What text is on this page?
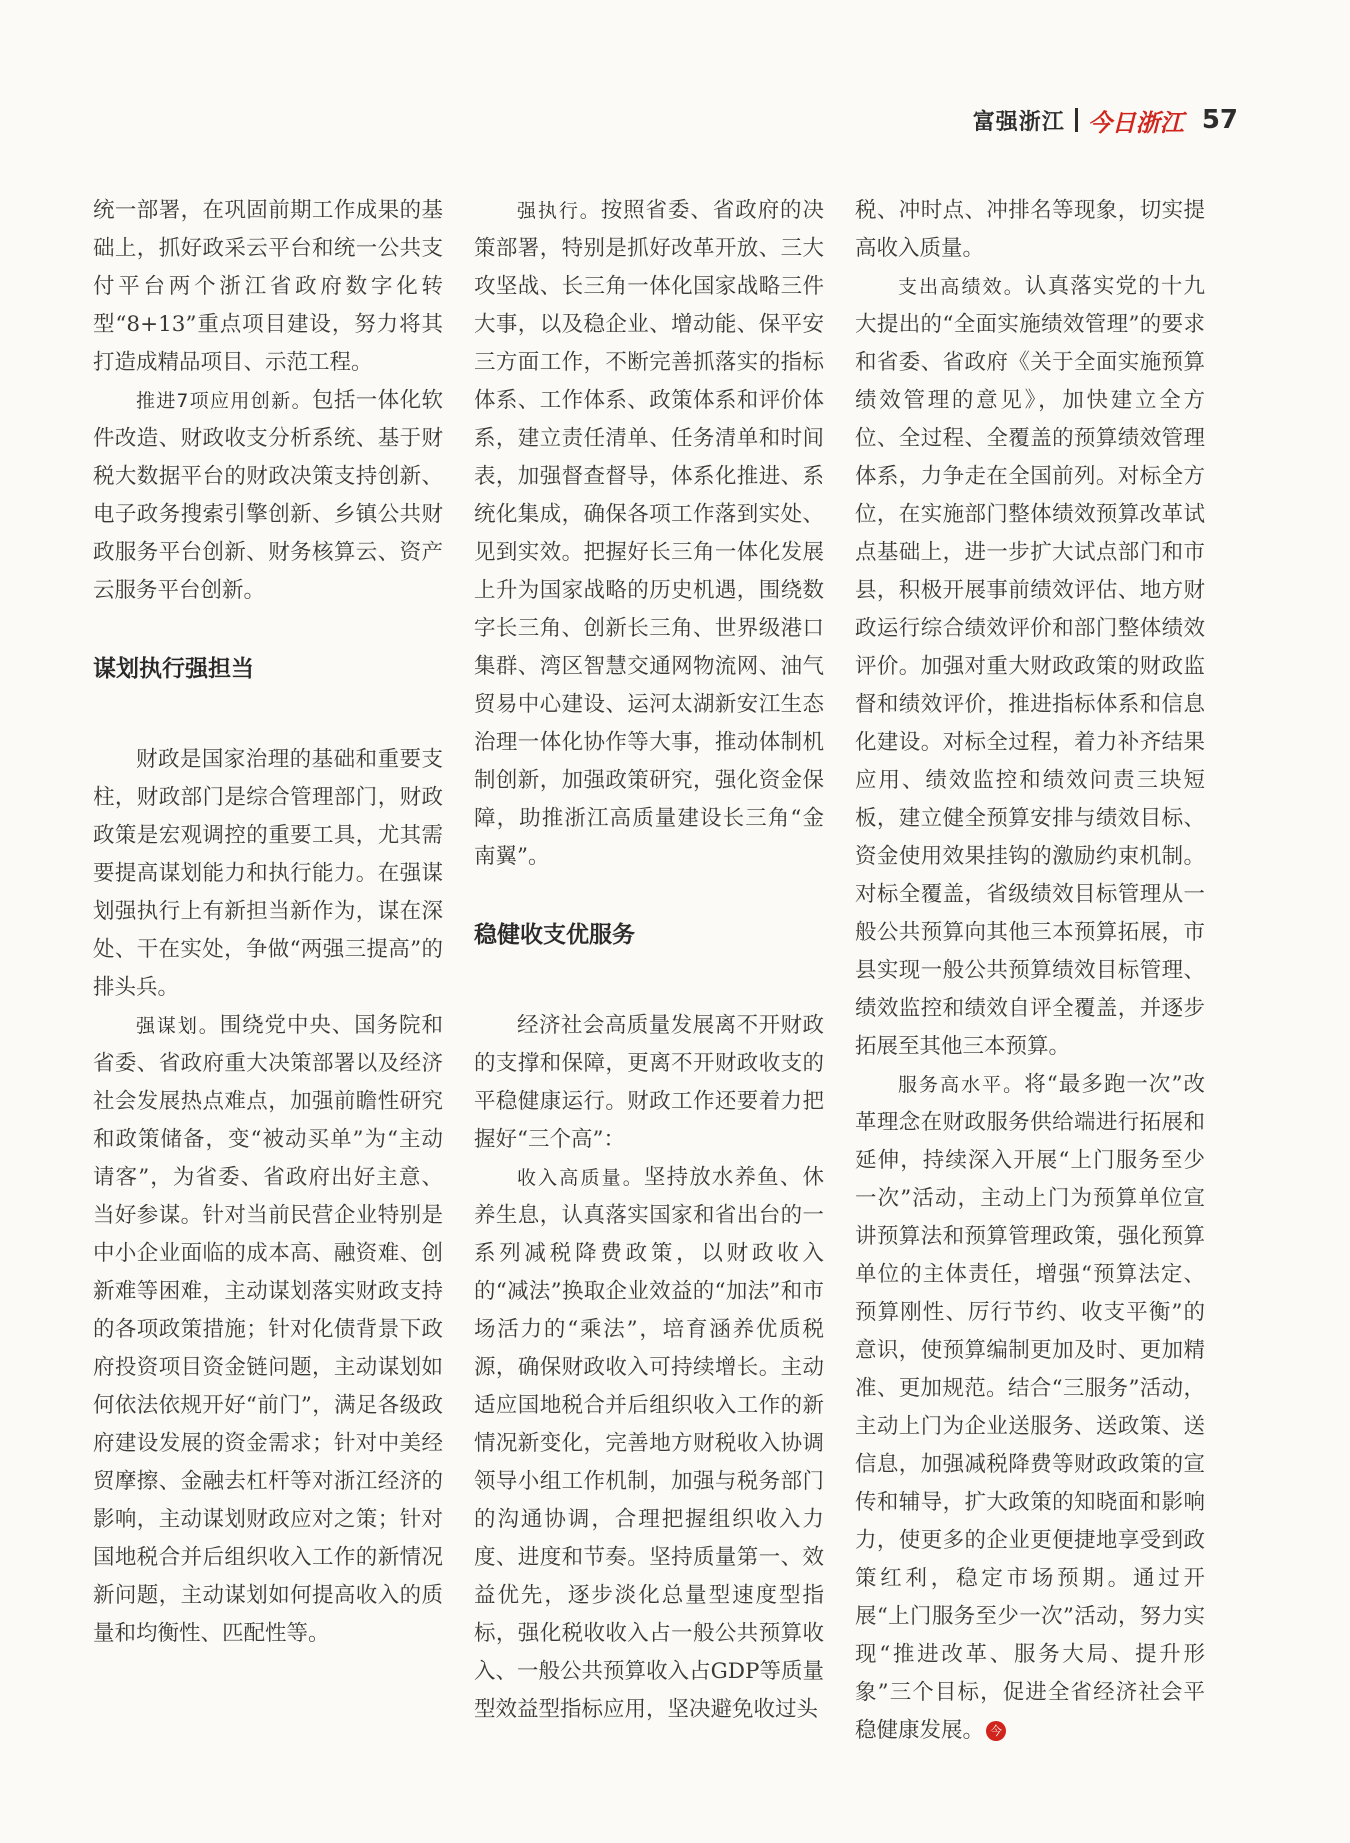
富强浙江 今日浙江 57

统一部署，在巩固前期工作成果的基础上，抓好政采云平台和统一公共支付平台两个浙江省政府数字化转型“8+13”重点项目建设，努力将其打造成精品项目、示范工程。

推进7项应用创新。包括一体化软件改造、财政收支分析系统、基于财税大数据平台的财政决策支持创新、电子政务搜索引擎创新、乡镇公共财政服务平台创新、财务核算云、资产云服务平台创新。

谋划执行强担当

财政是国家治理的基础和重要支柱，财政部门是综合管理部门，财政政策是宏观调控的重要工具，尤其需要提高谋划能力和执行能力。在强谋划强执行上有新担当新作为，谋在深处、干在实处，争做“两强三提高”的排头兵。

强谋划。围绕党中央、国务院和省委、省政府重大决策部署以及经济社会发展热点难点，加强前瞻性研究和政策储备，变“被动买单”为“主动请客”，为省委、省政府出好主意、当好参谋。针对当前民营企业特别是中小企业面临的成本高、融资难、创新难等困难，主动谋划落实财政支持的各项政策措施；针对化债背景下政府投资项目资金链问题，主动谋划如何依法依规开好“前门”，满足各级政府建设发展的资金需求；针对中美经贸摩擦、金融去杠杆等对浙江经济的影响，主动谋划财政应对之策；针对国地税合并后组织收入工作的新情况新问题，主动谋划如何提高收入的质量和均衡性、匹配性等。

强执行。按照省委、省政府的决策部署，特别是抓好改革开放、三大攻坚战、长三角一体化国家战略三件大事，以及稳企业、增动能、保平安三方面工作，不断完善抓落实的指标体系、工作体系、政策体系和评价体系，建立责任清单、任务清单和时间表，加强督查督导，体系化推进、系统化集成，确保各项工作落到实处、见到实效。把握好长三角一体化发展上升为国家战略的历史机遇，围绕数字长三角、创新长三角、世界级港口集群、湾区智慧交通网物流网、油气贸易中心建设、运河太湖新安江生态治理一体化协作等大事，推动体制机制创新，加强政策研究，强化资金保障，助推浙江高质量建设长三角“金南翼”。

稳健收支优服务

经济社会高质量发展离不开财政的支撑和保障，更离不开财政收支的平稳健康运行。财政工作还要着力把握好“三个高”：

收入高质量。坚持放水养鱼、休养生息，认真落实国家和省出台的一系列减税降费政策，以财政收入的“减法”换取企业效益的“加法”和市场活力的“乘法”，培育涵养优质税源，确保财政收入可持续增长。主动适应国地税合并后组织收入工作的新情况新变化，完善地方财税收入协调领导小组工作机制，加强与税务部门的沟通协调，合理把握组织收入力度、进度和节奏。坚持质量第一、效益优先，逐步淡化总量型速度型指标，强化税收收入占一般公共预算收入、一般公共预算收入占GDP等质量型效益型指标应用，坚决避免收过头

税、冲时点、冲排名等现象，切实提高收入质量。

支出高绩效。认真落实党的十九大提出的“全面实施绩效管理”的要求和省委、省政府《关于全面实施预算绩效管理的意见》，加快建立全方位、全过程、全覆盖的预算绩效管理体系，力争走在全国前列。对标全方位，在实施部门整体绩效预算改革试点基础上，进一步扩大试点部门和市县，积极开展事前绩效评估、地方财政运行综合绩效评价和部门整体绩效评价。加强对重大财政政策的财政监督和绩效评价，推进指标体系和信息化建设。对标全过程，着力补齐结果应用、绩效监控和绩效问责三块短板，建立健全预算安排与绩效目标、资金使用效果挂钩的激励约束机制。对标全覆盖，省级绩效目标管理从一般公共预算向其他三本预算拓展，市县实现一般公共预算绩效目标管理、绩效监控和绩效自评全覆盖，并逐步拓展至其他三本预算。

服务高水平。将“最多跑一次”改革理念在财政服务供给端进行拓展和延伸，持续深入开展“上门服务至少一次”活动，主动上门为预算单位宣讲预算法和预算管理政策，强化预算单位的主体责任，增强“预算法定、预算刚性、厉行节约、收支平衡”的意识，使预算编制更加及时、更加精准、更加规范。结合“三服务”活动，主动上门为企业送服务、送政策、送信息，加强减税降费等财政政策的宣传和辅导，扩大政策的知晓面和影响力，使更多的企业更便捷地享受到政策红利，稳定市场预期。通过开展“上门服务至少一次”活动，努力实现“推进改革、服务大局、提升形象”三个目标，促进全省经济社会平稳健康发展。 今
